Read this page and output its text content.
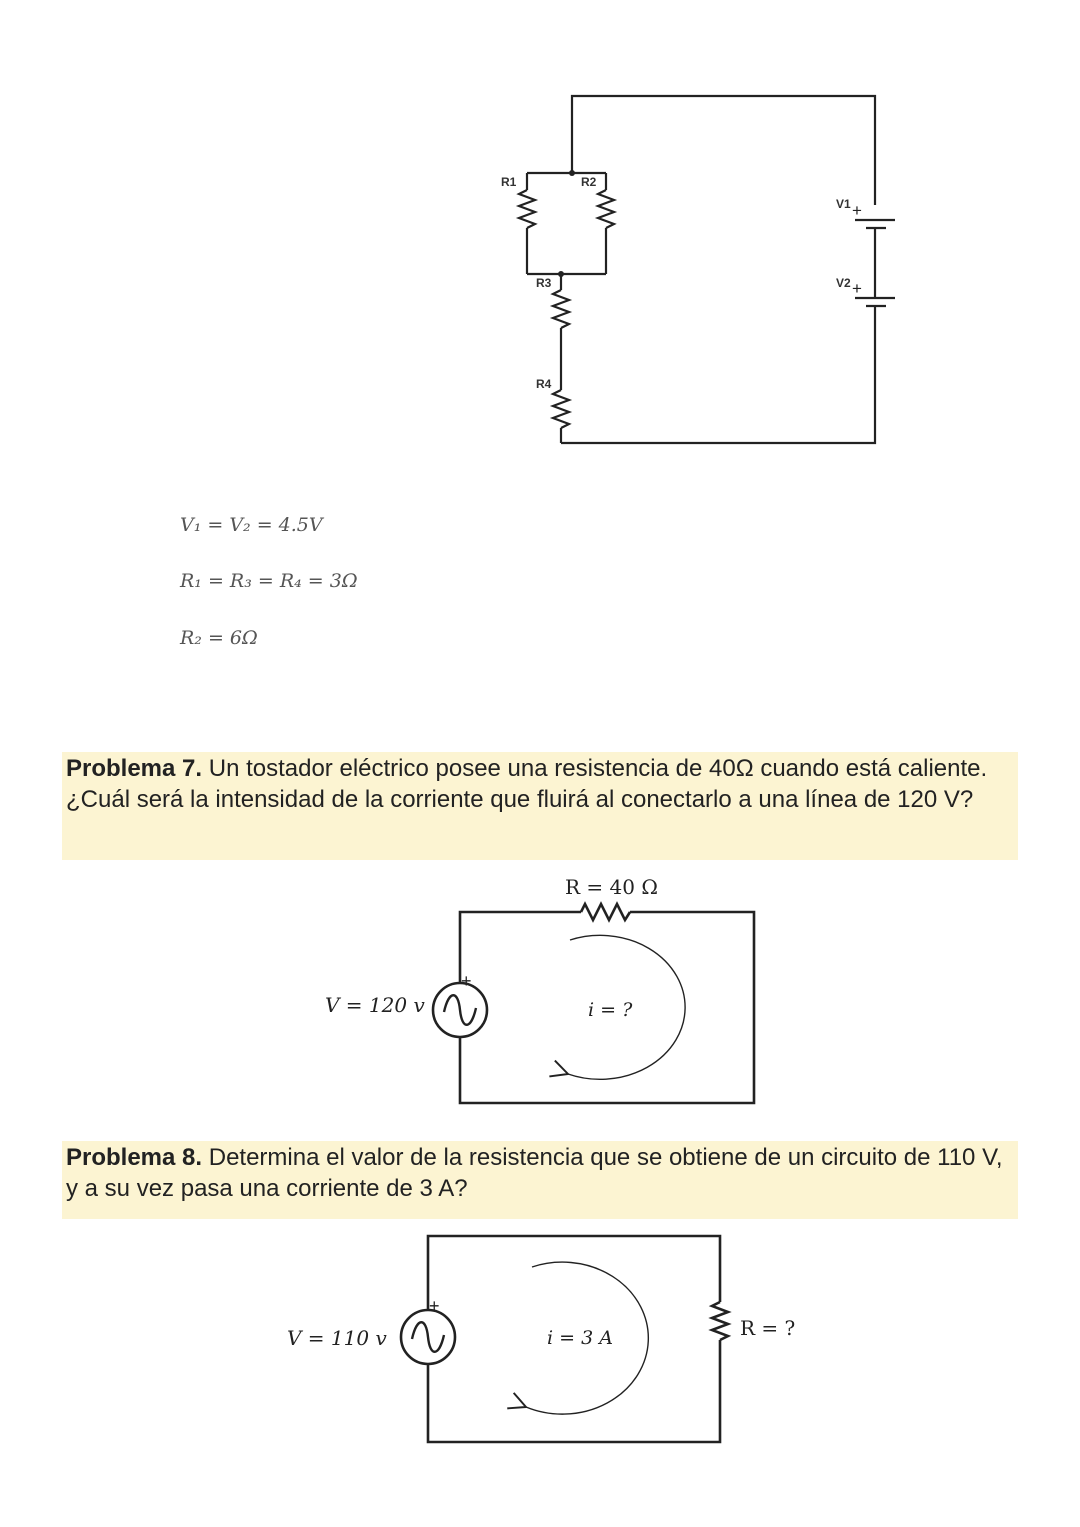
R1	R2
R3
R4
V1
V2
+
+
V₁ = V₂ = 4.5V
R₁ = R₃ = R₄ = 3Ω
R₂ = 6Ω
Problema 7. Un tostador eléctrico posee una resistencia de 40Ω cuando está caliente. ¿Cuál será la intensidad de la corriente que fluirá al conectarlo a una línea de 120 V?
R = 40 Ω
V = 120 v	i = ?
+
Problema 8. Determina el valor de la resistencia que se obtiene de un circuito de 110 V, y a su vez pasa una corriente de 3 A?
R = ?
V = 110 v	i = 3 A
+
